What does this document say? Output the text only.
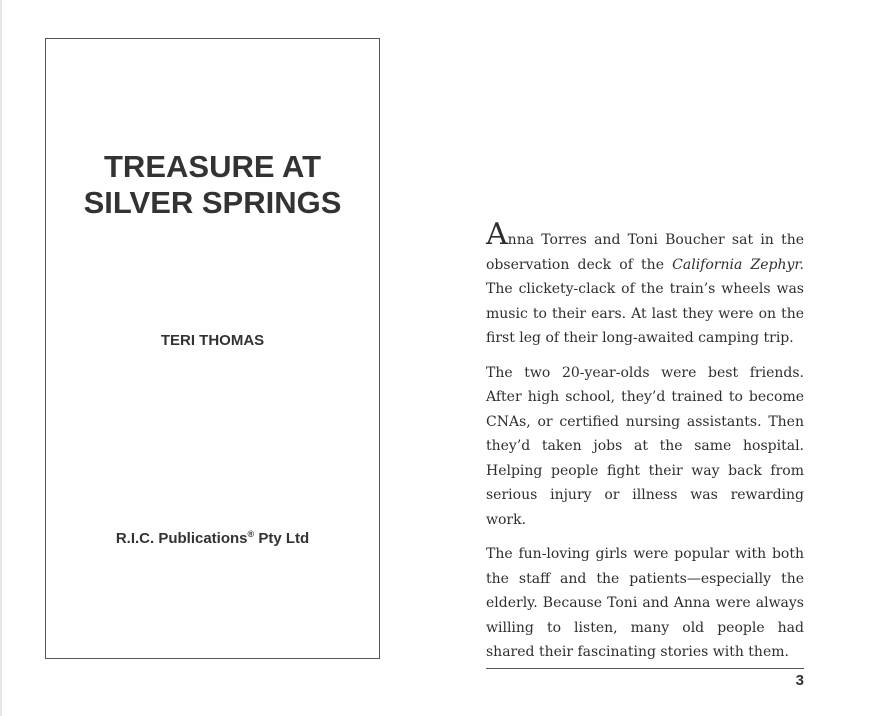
TREASURE AT
SILVER SPRINGS
TERI THOMAS
R.I.C. Publications® Pty Ltd

Anna Torres and Toni Boucher sat in the observation deck of the California Zephyr. The clickety-clack of the train’s wheels was music to their ears. At last they were on the first leg of their long-awaited camping trip.

The two 20-year-olds were best friends. After high school, they’d trained to become CNAs, or certified nursing assistants. Then they’d taken jobs at the same hospital. Helping people fight their way back from serious injury or illness was rewarding work.

The fun-loving girls were popular with both the staff and the patients—especially the elderly. Because Toni and Anna were always willing to listen, many old people had shared their fascinating stories with them.

3
